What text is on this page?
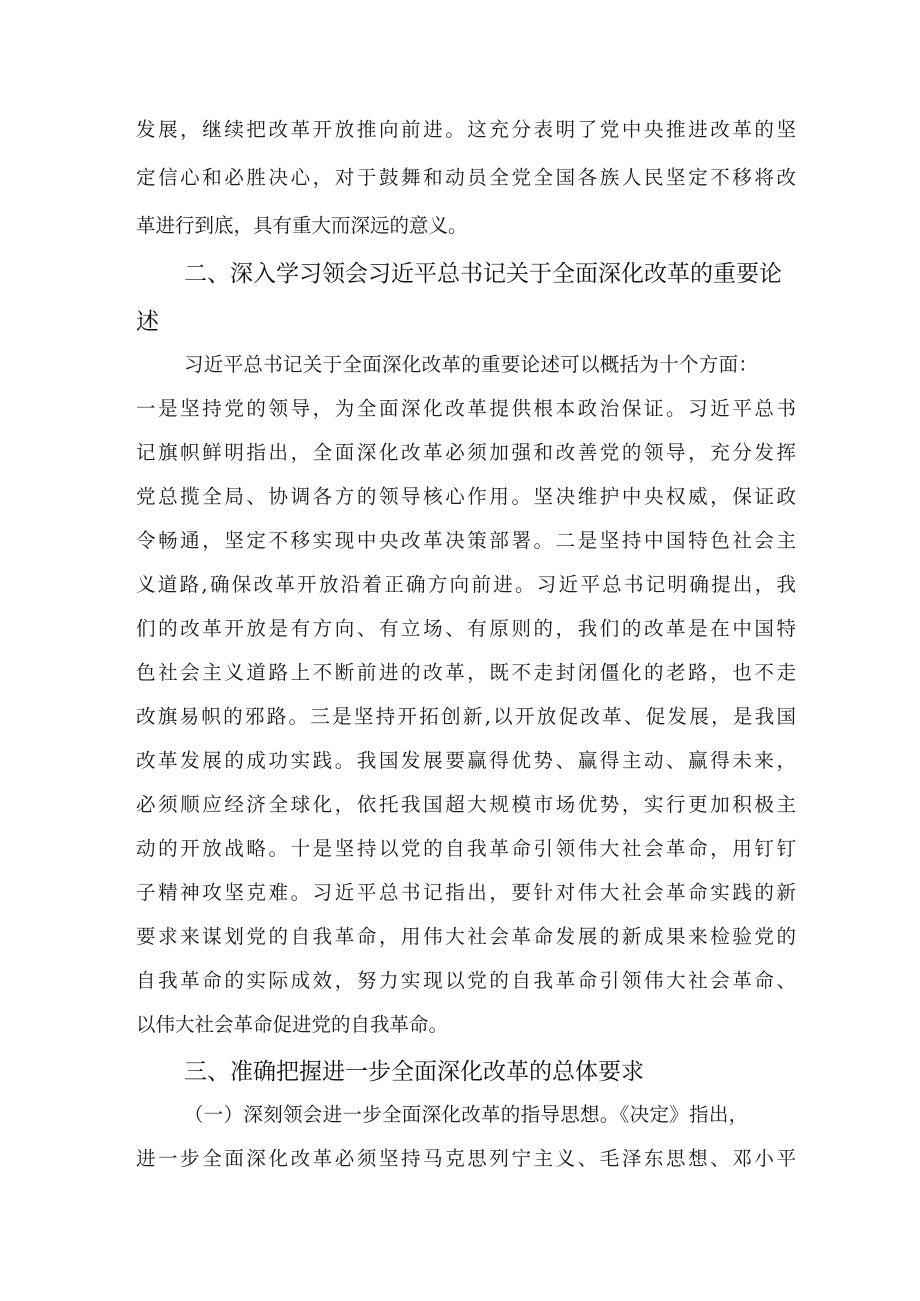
发展，继续把改革开放推向前进。这充分表明了党中央推进改革的坚
定信心和必胜决心，对于鼓舞和动员全党全国各族人民坚定不移将改
革进行到底，具有重大而深远的意义。
二、深入学习领会习近平总书记关于全面深化改革的重要论
述
习近平总书记关于全面深化改革的重要论述可以概括为十个方面：
一是坚持党的领导，为全面深化改革提供根本政治保证。习近平总书
记旗帜鲜明指出，全面深化改革必须加强和改善党的领导，充分发挥
党总揽全局、协调各方的领导核心作用。坚决维护中央权威，保证政
令畅通，坚定不移实现中央改革决策部署。二是坚持中国特色社会主
义道路,确保改革开放沿着正确方向前进。习近平总书记明确提出，我
们的改革开放是有方向、有立场、有原则的，我们的改革是在中国特
色社会主义道路上不断前进的改革，既不走封闭僵化的老路，也不走
改旗易帜的邪路。三是坚持开拓创新,以开放促改革、促发展，是我国
改革发展的成功实践。我国发展要赢得优势、赢得主动、赢得未来，
必须顺应经济全球化，依托我国超大规模市场优势，实行更加积极主
动的开放战略。十是坚持以党的自我革命引领伟大社会革命，用钉钉
子精神攻坚克难。习近平总书记指出，要针对伟大社会革命实践的新
要求来谋划党的自我革命，用伟大社会革命发展的新成果来检验党的
自我革命的实际成效，努力实现以党的自我革命引领伟大社会革命、
以伟大社会革命促进党的自我革命。
三、准确把握进一步全面深化改革的总体要求
（一）深刻领会进一步全面深化改革的指导思想。《决定》指出，
进一步全面深化改革必须坚持马克思列宁主义、毛泽东思想、邓小平
